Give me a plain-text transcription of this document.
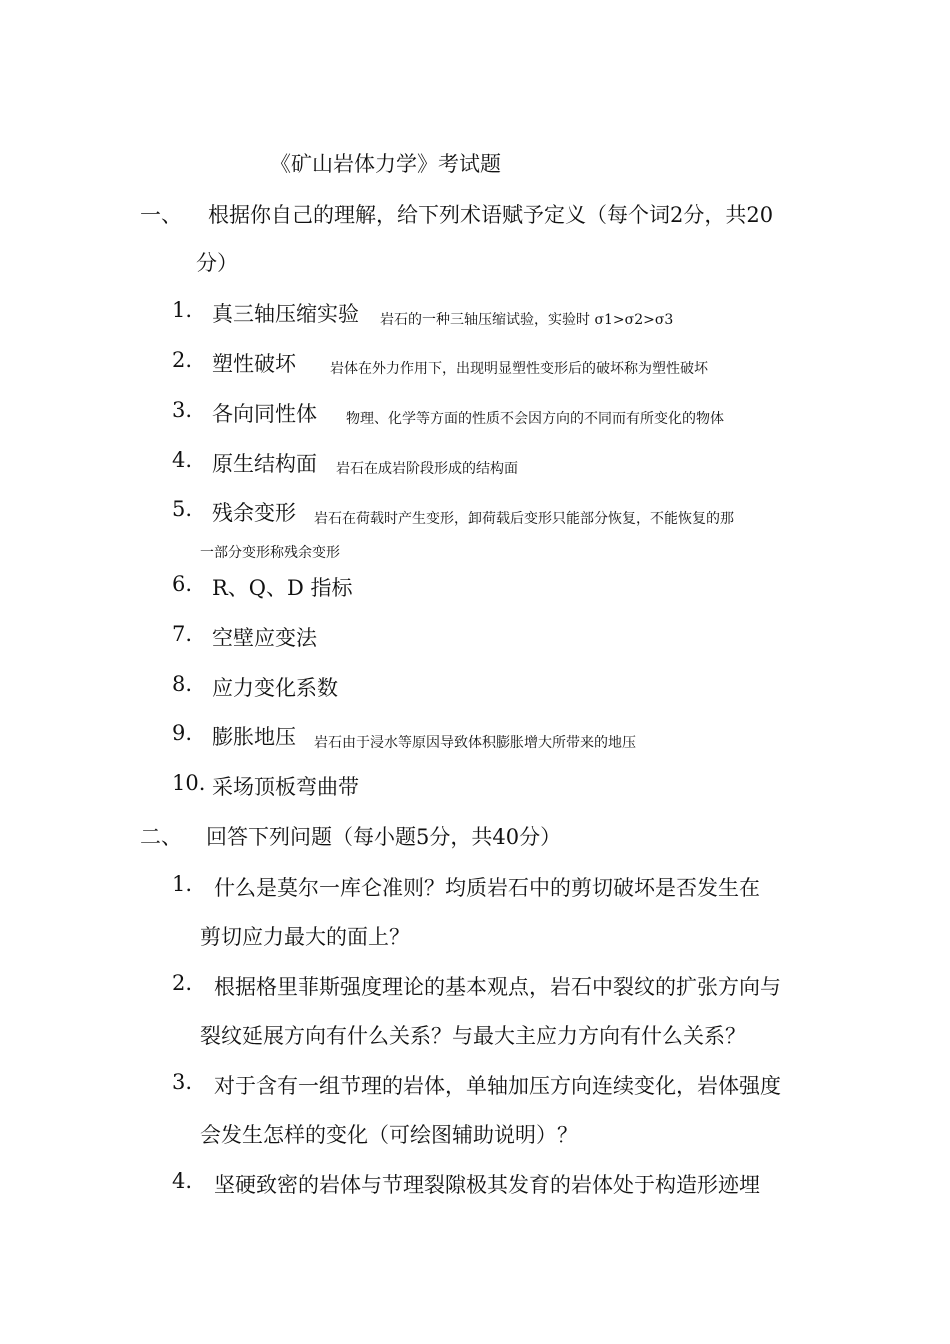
《矿山岩体力学》考试题
一、 根据你自己的理解，给下列术语赋予定义（每个词2分，共20
分）
1. 真三轴压缩实验 岩石的一种三轴压缩试验，实验时 σ1>σ2>σ3
2. 塑性破坏 岩体在外力作用下，出现明显塑性变形后的破坏称为塑性破坏
3. 各向同性体 物理、化学等方面的性质不会因方向的不同而有所变化的物体
4. 原生结构面 岩石在成岩阶段形成的结构面
5. 残余变形 岩石在荷载时产生变形，卸荷载后变形只能部分恢复，不能恢复的那
一部分变形称残余变形
6. R、Q、D 指标
7. 空壁应变法
8. 应力变化系数
9. 膨胀地压 岩石由于浸水等原因导致体积膨胀增大所带来的地压
10. 采场顶板弯曲带
二、 回答下列问题（每小题5分，共40分）
1. 什么是莫尔一库仑准则？均质岩石中的剪切破坏是否发生在
剪切应力最大的面上？
2. 根据格里菲斯强度理论的基本观点，岩石中裂纹的扩张方向与
裂纹延展方向有什么关系？与最大主应力方向有什么关系？
3. 对于含有一组节理的岩体，单轴加压方向连续变化，岩体强度
会发生怎样的变化（可绘图辅助说明）？
4. 坚硬致密的岩体与节理裂隙极其发育的岩体处于构造形迹埋
